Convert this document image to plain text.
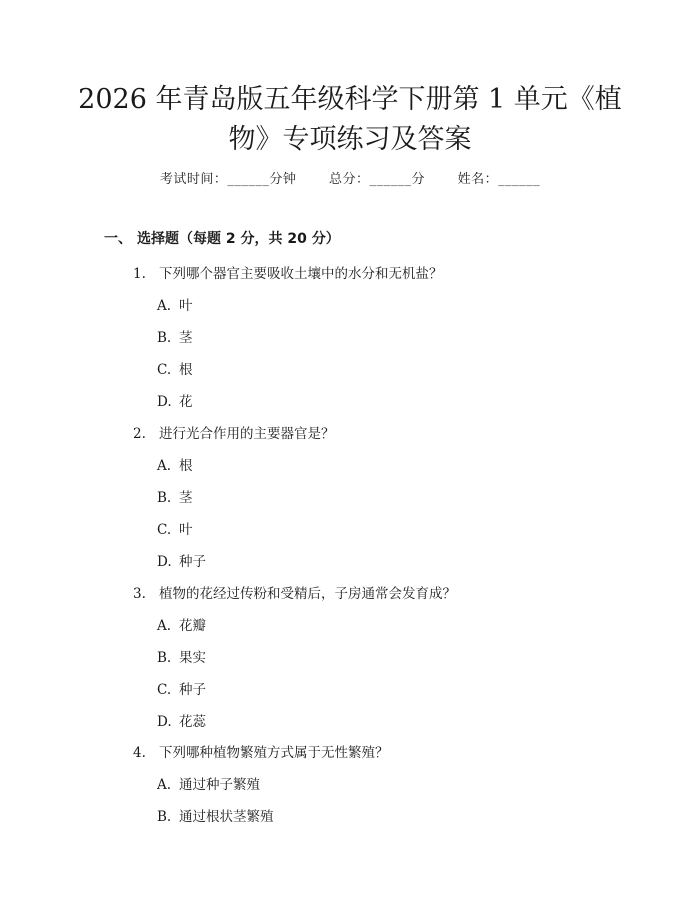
2026 年青岛版五年级科学下册第 1 单元《植
物》专项练习及答案
考试时间：______分钟	总分：______分	姓名：______
一、 选择题（每题 2 分，共 20 分）
1. 下列哪个器官主要吸收土壤中的水分和无机盐？
A. 叶
B. 茎
C. 根
D. 花
2. 进行光合作用的主要器官是？
A. 根
B. 茎
C. 叶
D. 种子
3. 植物的花经过传粉和受精后，子房通常会发育成？
A. 花瓣
B. 果实
C. 种子
D. 花蕊
4. 下列哪种植物繁殖方式属于无性繁殖？
A. 通过种子繁殖
B. 通过根状茎繁殖
